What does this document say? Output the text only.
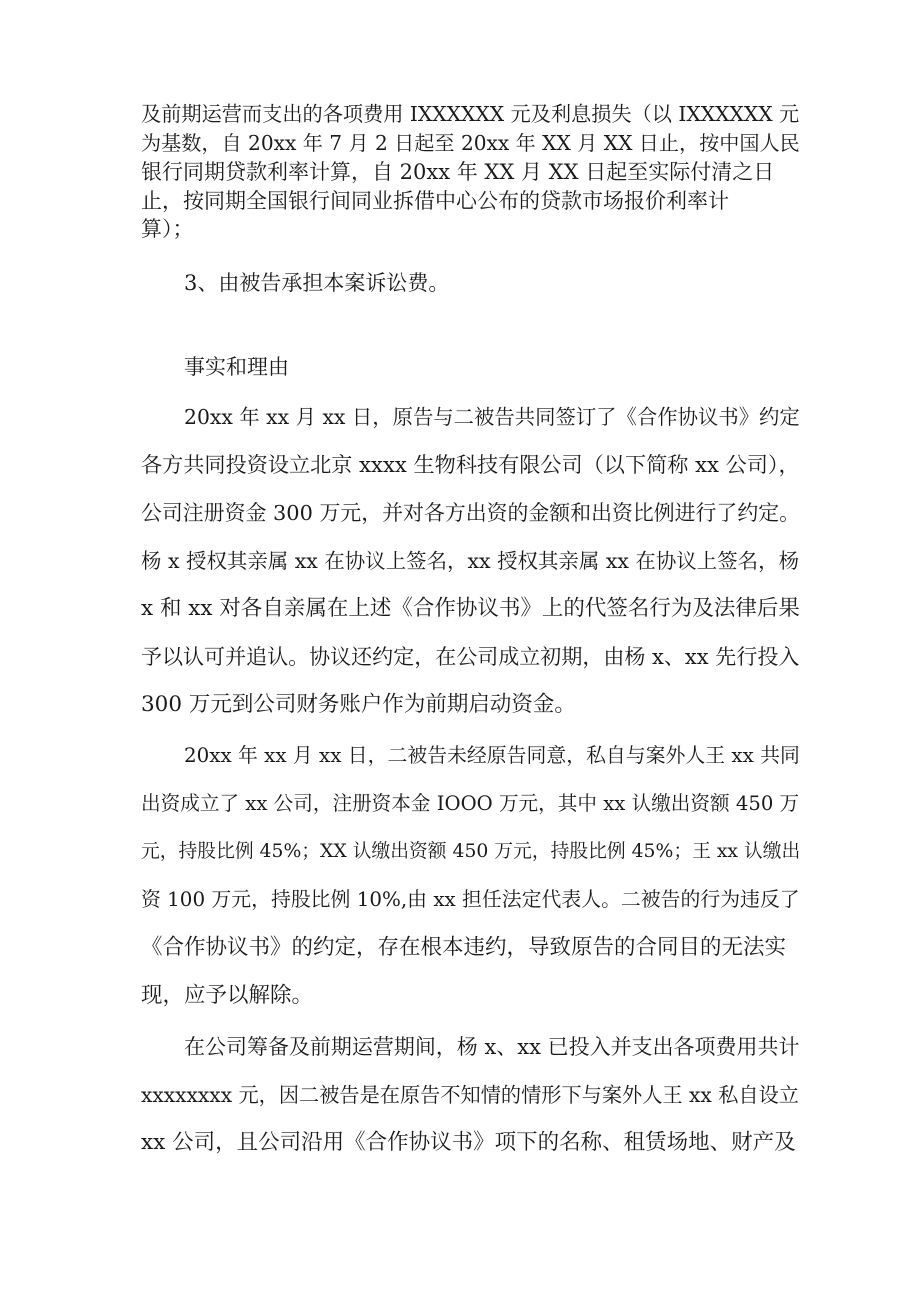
及前期运营而支出的各项费用 IXXXXXX 元及利息损失（以 IXXXXXX 元
为基数，自 20xx 年 7 月 2 日起至 20xx 年 XX 月 XX 日止，按中国人民
银行同期贷款利率计算，自 20xx 年 XX 月 XX 日起至实际付清之日
止，按同期全国银行间同业拆借中心公布的贷款市场报价利率计
算）；
3、由被告承担本案诉讼费。
事实和理由
20xx 年 xx 月 xx 日，原告与二被告共同签订了《合作协议书》约定
各方共同投资设立北京 xxxx 生物科技有限公司（以下简称 xx 公司），
公司注册资金 300 万元，并对各方出资的金额和出资比例进行了约定。
杨 x 授权其亲属 xx 在协议上签名，xx 授权其亲属 xx 在协议上签名，杨
x 和 xx 对各自亲属在上述《合作协议书》上的代签名行为及法律后果
予以认可并追认。协议还约定，在公司成立初期，由杨 x、xx 先行投入
300 万元到公司财务账户作为前期启动资金。
20xx 年 xx 月 xx 日，二被告未经原告同意，私自与案外人王 xx 共同
出资成立了 xx 公司，注册资本金 IOOO 万元，其中 xx 认缴出资额 450 万
元，持股比例 45%；XX 认缴出资额 450 万元，持股比例 45%；王 xx 认缴出
资 100 万元，持股比例 10%,由 xx 担任法定代表人。二被告的行为违反了
《合作协议书》的约定，存在根本违约，导致原告的合同目的无法实
现，应予以解除。
在公司筹备及前期运营期间，杨 x、xx 已投入并支出各项费用共计
xxxxxxxx 元，因二被告是在原告不知情的情形下与案外人王 xx 私自设立
xx 公司，且公司沿用《合作协议书》项下的名称、租赁场地、财产及
